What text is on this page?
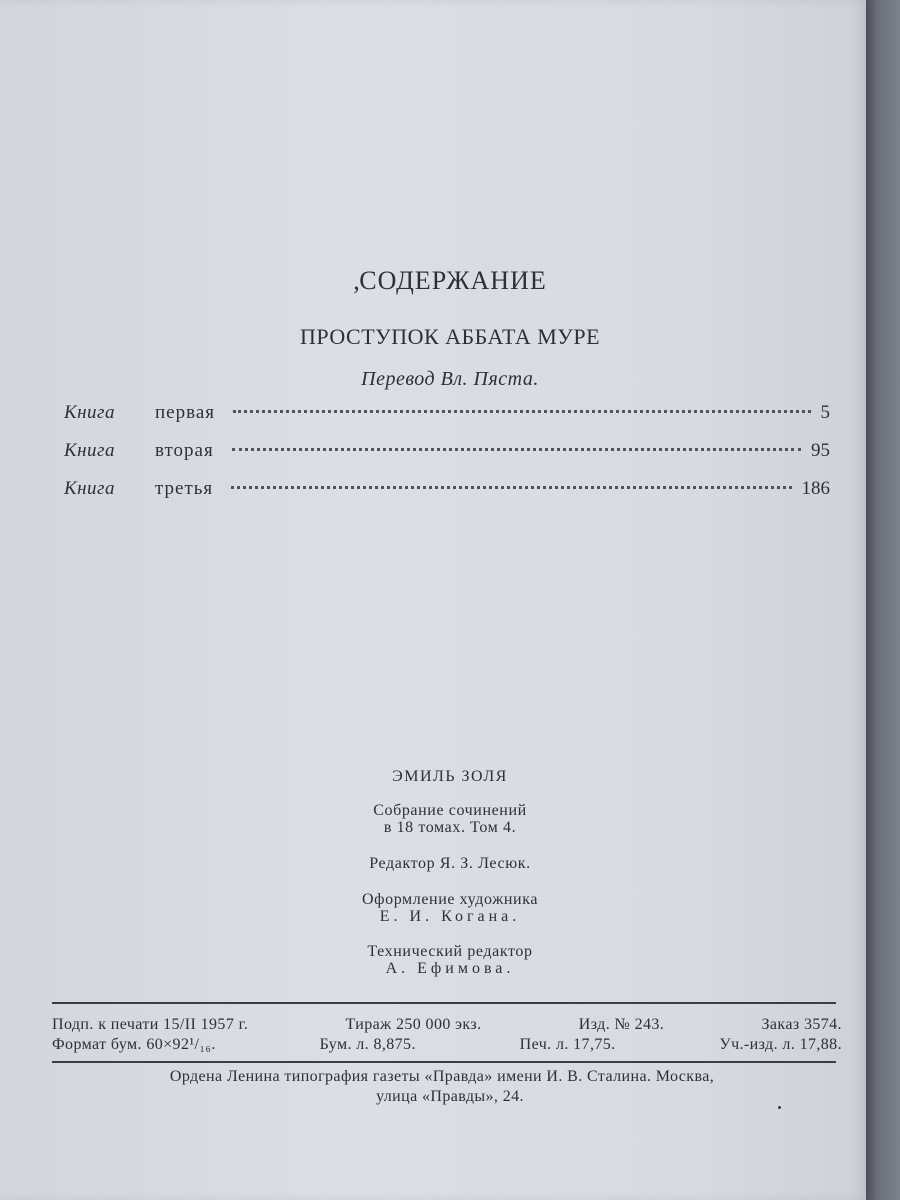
,СОДЕРЖАНИЕ
ПРОСТУПОК АББАТА МУРЕ
Перевод Вл. Пяста.
Книга	первая	5
Книга	вторая	95
Книга	третья	186
ЭМИЛЬ ЗОЛЯ
Собрание сочинений
в 18 томах. Том 4.
Редактор Я. З. Лесюк.
Оформление художника
Е. И. Когана.
Технический редактор
А. Ефимова.
Подп. к печати 15/II 1957 г.	Тираж 250 000 экз.	Изд. № 243.	Заказ 3574.
Формат бум. 60×92¹/₁₆.	Бум. л. 8,875.	Печ. л. 17,75.	Уч.-изд. л. 17,88.
Ордена Ленина типография газеты «Правда» имени И. В. Сталина. Москва,
улица «Правды», 24.
